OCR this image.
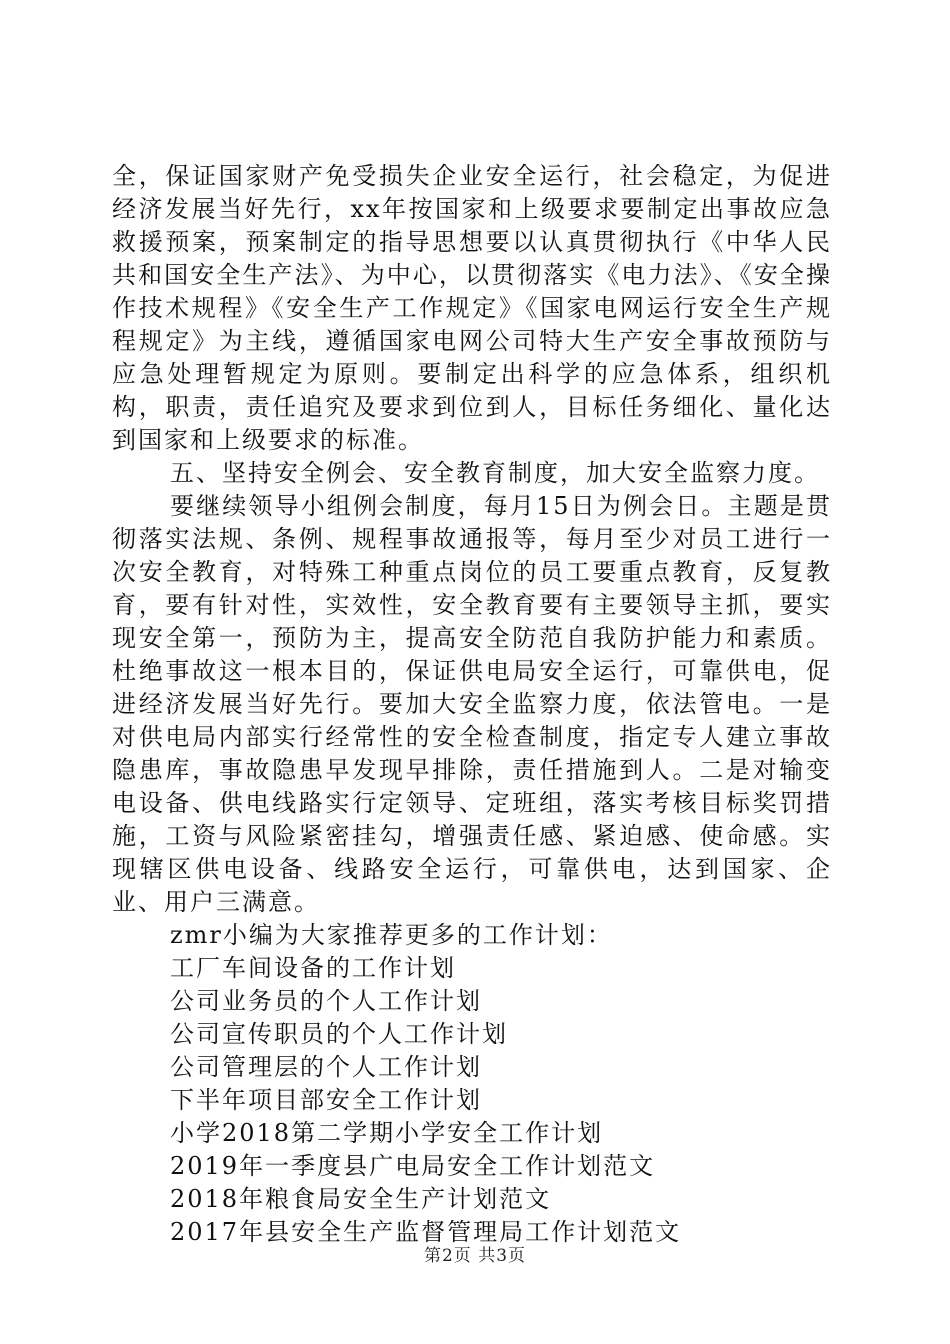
全，保证国家财产免受损失企业安全运行，社会稳定，为促进经济发展当好先行，xx年按国家和上级要求要制定出事故应急救援预案，预案制定的指导思想要以认真贯彻执行《中华人民共和国安全生产法》、为中心，以贯彻落实《电力法》、《安全操作技术规程》《安全生产工作规定》《国家电网运行安全生产规程规定》为主线，遵循国家电网公司特大生产安全事故预防与应急处理暂规定为原则。要制定出科学的应急体系，组织机构，职责，责任追究及要求到位到人，目标任务细化、量化达到国家和上级要求的标准。

五、坚持安全例会、安全教育制度，加大安全监察力度。

要继续领导小组例会制度，每月15日为例会日。主题是贯彻落实法规、条例、规程事故通报等，每月至少对员工进行一次安全教育，对特殊工种重点岗位的员工要重点教育，反复教育，要有针对性，实效性，安全教育要有主要领导主抓，要实现安全第一，预防为主，提高安全防范自我防护能力和素质。杜绝事故这一根本目的，保证供电局安全运行，可靠供电，促进经济发展当好先行。要加大安全监察力度，依法管电。一是对供电局内部实行经常性的安全检查制度，指定专人建立事故隐患库，事故隐患早发现早排除，责任措施到人。二是对输变电设备、供电线路实行定领导、定班组，落实考核目标奖罚措施，工资与风险紧密挂勾，增强责任感、紧迫感、使命感。实现辖区供电设备、线路安全运行，可靠供电，达到国家、企业、用户三满意。

zmr小编为大家推荐更多的工作计划：
工厂车间设备的工作计划
公司业务员的个人工作计划
公司宣传职员的个人工作计划
公司管理层的个人工作计划
下半年项目部安全工作计划
小学2018第二学期小学安全工作计划
2019年一季度县广电局安全工作计划范文
2018年粮食局安全生产计划范文
2017年县安全生产监督管理局工作计划范文
第2页 共3页
